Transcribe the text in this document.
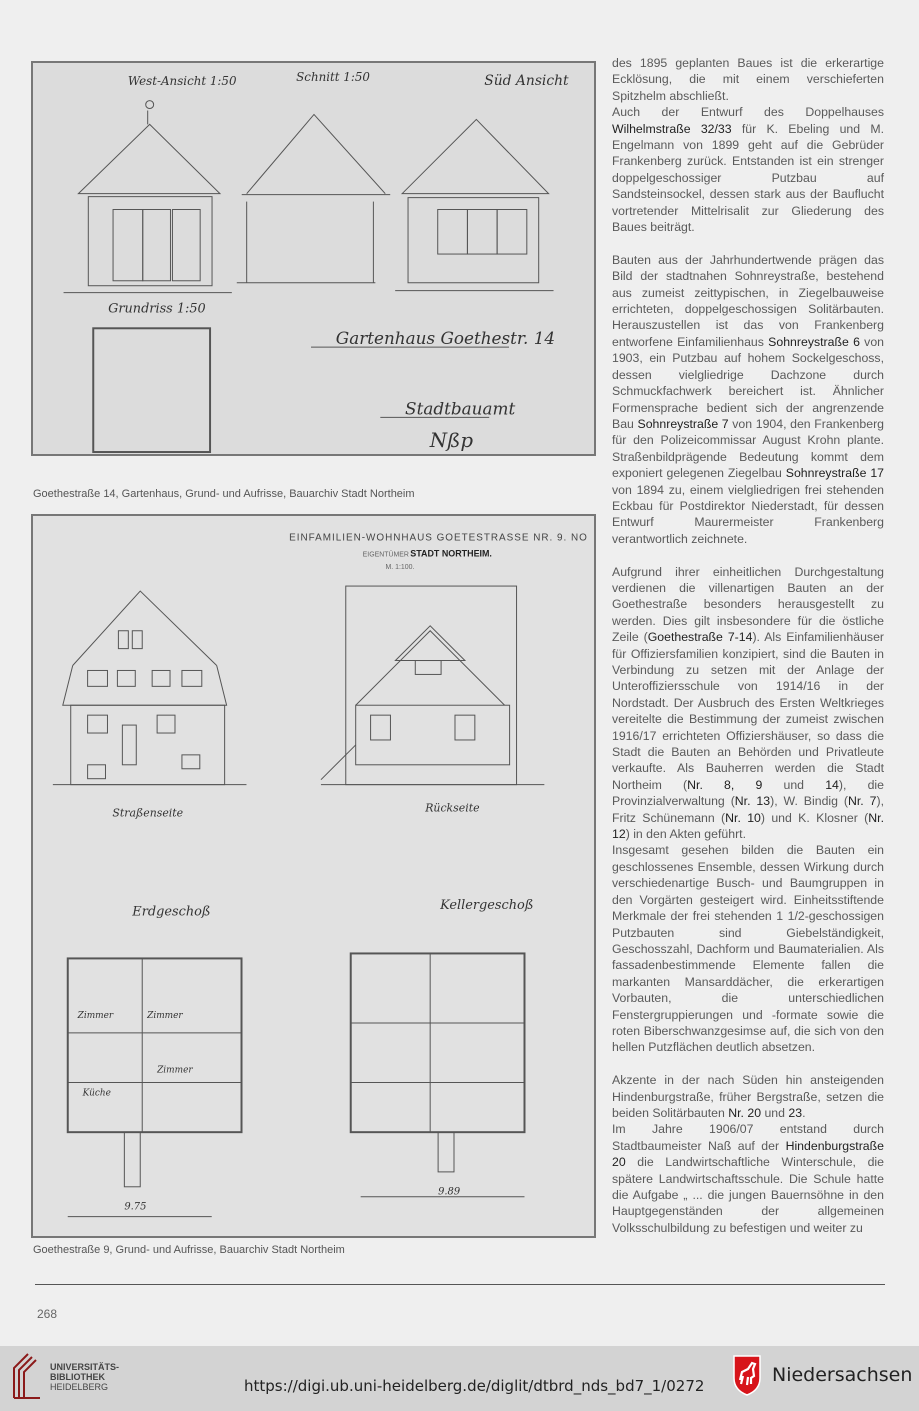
West-Ansicht 1:50	Schnitt 1:50	Süd Ansicht
Grundriss 1:50
Gartenhaus Goethestr. 14
Stadtbauamt
Nßp
Goethestraße 14, Gartenhaus, Grund- und Aufrisse, Bauarchiv Stadt Northeim
EINFAMILIEN-WOHNHAUS GOETESTRASSE NR. 9. NO
EIGENTÜMER STADT NORTHEIM.
M. 1:100.
Straßenseite	Rückseite
Erdgeschoß	Kellergeschoß
Zimmer	Zimmer
Zimmer
Küche
9.75
9.89
Goethestraße 9, Grund- und Aufrisse, Bauarchiv Stadt Northeim

des 1895 geplanten Baues ist die erkerartige Ecklösung, die mit einem verschieferten Spitzhelm abschließt.

Auch der Entwurf des Doppelhauses Wilhelmstraße 32/33 für K. Ebeling und M. Engelmann von 1899 geht auf die Gebrüder Frankenberg zurück. Entstanden ist ein strenger doppelgeschossiger Putzbau auf Sandsteinsockel, dessen stark aus der Bauflucht vortretender Mittelrisalit zur Gliederung des Baues beiträgt.

Bauten aus der Jahrhundertwende prägen das Bild der stadtnahen Sohnreystraße, bestehend aus zumeist zeittypischen, in Ziegelbauweise errichteten, doppelgeschossigen Solitärbauten. Herauszustellen ist das von Frankenberg entworfene Einfamilienhaus Sohnreystraße 6 von 1903, ein Putzbau auf hohem Sockelgeschoss, dessen vielgliedrige Dachzone durch Schmuckfachwerk bereichert ist. Ähnlicher Formensprache bedient sich der angrenzende Bau Sohnreystraße 7 von 1904, den Frankenberg für den Polizeicommissar August Krohn plante. Straßenbildprägende Bedeutung kommt dem exponiert gelegenen Ziegelbau Sohnreystraße 17 von 1894 zu, einem vielgliedrigen frei stehenden Eckbau für Postdirektor Niederstadt, für dessen Entwurf Maurermeister Frankenberg verantwortlich zeichnete.

Aufgrund ihrer einheitlichen Durchgestaltung verdienen die villenartigen Bauten an der Goethestraße besonders herausgestellt zu werden. Dies gilt insbesondere für die östliche Zeile (Goethestraße 7-14). Als Einfamilienhäuser für Offiziersfamilien konzipiert, sind die Bauten in Verbindung zu setzen mit der Anlage der Unteroffiziersschule von 1914/16 in der Nordstadt. Der Ausbruch des Ersten Weltkrieges vereitelte die Bestimmung der zumeist zwischen 1916/17 errichteten Offiziershäuser, so dass die Stadt die Bauten an Behörden und Privatleute verkaufte. Als Bauherren werden die Stadt Northeim (Nr. 8, 9 und 14), die Provinzialverwaltung (Nr. 13), W. Bindig (Nr. 7), Fritz Schünemann (Nr. 10) und K. Klosner (Nr. 12) in den Akten geführt.

Insgesamt gesehen bilden die Bauten ein geschlossenes Ensemble, dessen Wirkung durch verschiedenartige Busch- und Baumgruppen in den Vorgärten gesteigert wird. Einheitsstiftende Merkmale der frei stehenden 1 1/2-geschossigen Putzbauten sind Giebelständigkeit, Geschosszahl, Dachform und Baumaterialien. Als fassadenbestimmende Elemente fallen die markanten Mansarddächer, die erkerartigen Vorbauten, die unterschiedlichen Fenstergruppierungen und -formate sowie die roten Biberschwanzgesimse auf, die sich von den hellen Putzflächen deutlich absetzen.

Akzente in der nach Süden hin ansteigenden Hindenburgstraße, früher Bergstraße, setzen die beiden Solitärbauten Nr. 20 und 23.

Im Jahre 1906/07 entstand durch Stadtbaumeister Naß auf der Hindenburgstraße 20 die Landwirtschaftliche Winterschule, die spätere Landwirtschaftsschule. Die Schule hatte die Aufgabe „ ... die jungen Bauernsöhne in den Hauptgegenständen der allgemeinen Volksschulbildung zu befestigen und weiter zu

268
UNIVERSITÄTS-
BIBLIOTHEK
HEIDELBERG	https://digi.ub.uni-heidelberg.de/diglit/dtbrd_nds_bd7_1/0272	Niedersachsen
